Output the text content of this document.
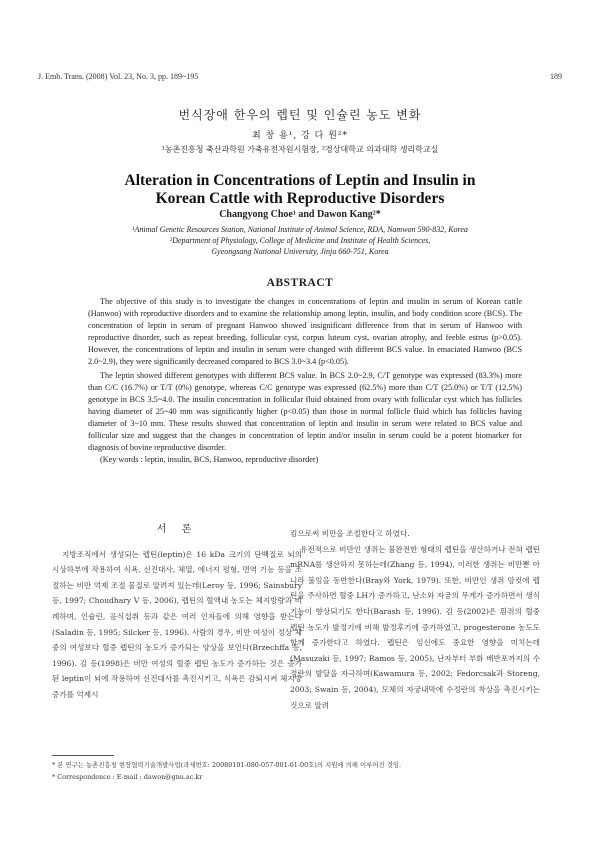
J. Emb. Trans. (2008) Vol. 23, No. 3, pp. 189~195	189
번식장애 한우의 렙틴 및 인슐린 농도 변화
최 창 용¹, 강 다 원²*
¹농촌진흥청 축산과학원 가축유전자원시험장, ²경상대학교 의과대학 생리학교실
Alteration in Concentrations of Leptin and Insulin in
Korean Cattle with Reproductive Disorders
Changyong Choe¹ and Dawon Kang²*
¹Animal Genetic Resources Station, National Institute of Animal Science, RDA, Namwon 590-832, Korea
²Department of Physiology, College of Medicine and Institute of Health Sciences,
Gyeongsang National University, Jinju 660-751, Korea
ABSTRACT

The objective of this study is to investigate the changes in concentrations of leptin and insulin in serum of Korean cattle (Hanwoo) with reproductive disorders and to examine the relationship among leptin, insulin, and body condition score (BCS). The concentration of leptin in serum of pregnant Hanwoo showed insignificant difference from that in serum of Hanwoo with reproductive disorder, such as repeat breeding, follicular cyst, corpus luteum cyst, ovarian atrophy, and feeble estrus (p>0.05). However, the concentrations of leptin and insulin in serum were changed with different BCS value. In emaciated Hanwoo (BCS 2.0~2.9), they were significantly decreased compared to BCS 3.0~3.4 (p<0.05).

The leptin showed different genotypes with different BCS value. In BCS 2.0~2.9, C/T genotype was expressed (83.3%) more than C/C (16.7%) or T/T (0%) genotype, whereas C/C genotype was expressed (62.5%) more than C/T (25.0%) or T/T (12.5%) genotype in BCS 3.5~4.0. The insulin concentration in follicular fluid obtained from ovary with follicular cyst which has follicles having diameter of 25~40 mm was significantly higher (p<0.05) than those in normal follicle fluid which has follicles having diameter of 3~10 mm. These results showed that concentration of leptin and insulin in serum were related to BCS value and follicular size and suggest that the changes in concentration of leptin and/or insulin in serum could be a potent biomarker for diagnosis of bovine reproductive disorder.

(Key words : leptin, insulin, BCS, Hanwoo, reproductive disorder)

서 론

지방조직에서 생성되는 렙틴(leptin)은 16 kDa 크기의 단백질로 뇌의 시상하부에 작용하여 식욕, 신진대사, 체열, 에너지 평형, 면역 기능 등을 조절하는 비만 억제 조절 물질로 알려져 있는데(Leroy 등, 1996; Sainsbury 등, 1997; Choudhary V 등, 2006), 렙틴의 혈액내 농도는 체지방량과 비례하며, 인슐린, 음식섭취 등과 같은 여러 인자들에 의해 영향을 받는다(Saladin 등, 1995; Silcker 등, 1996). 사람의 경우, 비만 여성이 정상 체중의 여성보다 혈중 렙틴의 농도가 증가되는 양상을 보인다(Brzechffa 등, 1996). 김 등(1998)은 비만 여성의 혈중 렙틴 농도가 증가하는 것은 증가된 leptin이 뇌에 작용하여 신진대사를 촉진시키고, 식욕은 감퇴시켜 체지방 증가를 억제시

킴으로써 비만을 조절한다고 하였다.

유전적으로 비만인 생쥐는 불완전한 형태의 렙틴을 생산하거나 전혀 렙틴 mRNA를 생산하지 못하는데(Zhang 등, 1994), 이러한 생쥐는 비만뿐 아니라 불임을 동반한다(Bray와 York, 1979). 또한, 비만인 생쥐 암컷에 렙틴을 주사하면 혈중 LH가 증가하고, 난소와 자궁의 무게가 증가하면서 생식 기능이 향상되기도 한다(Barash 등, 1996). 김 등(2002)은 흰쥐의 혈중 렙틴 농도가 발정기에 비해 발정후기에 증가하였고, progesterone 농도도 함께 증가한다고 하였다. 렙틴은 임신에도 중요한 영향을 미치는데(Masuzaki 등, 1997; Ramos 등, 2005), 난자부터 부화 배반포까지의 수정란의 발달을 자극하며(Kawamura 등, 2002; Fedorcsak과 Storeng, 2003; Swain 등, 2004), 모체의 자궁내막에 수정란의 착상을 촉진시키는 것으로 알려

* 본 연구는 농촌진흥청 현장협력기술개발사업(과제번호: 20080101-080-057-001-01-00호)의 지원에 의해 이루어진 것임.
* Correspondence : E-mail : dawon@gnu.ac.kr
